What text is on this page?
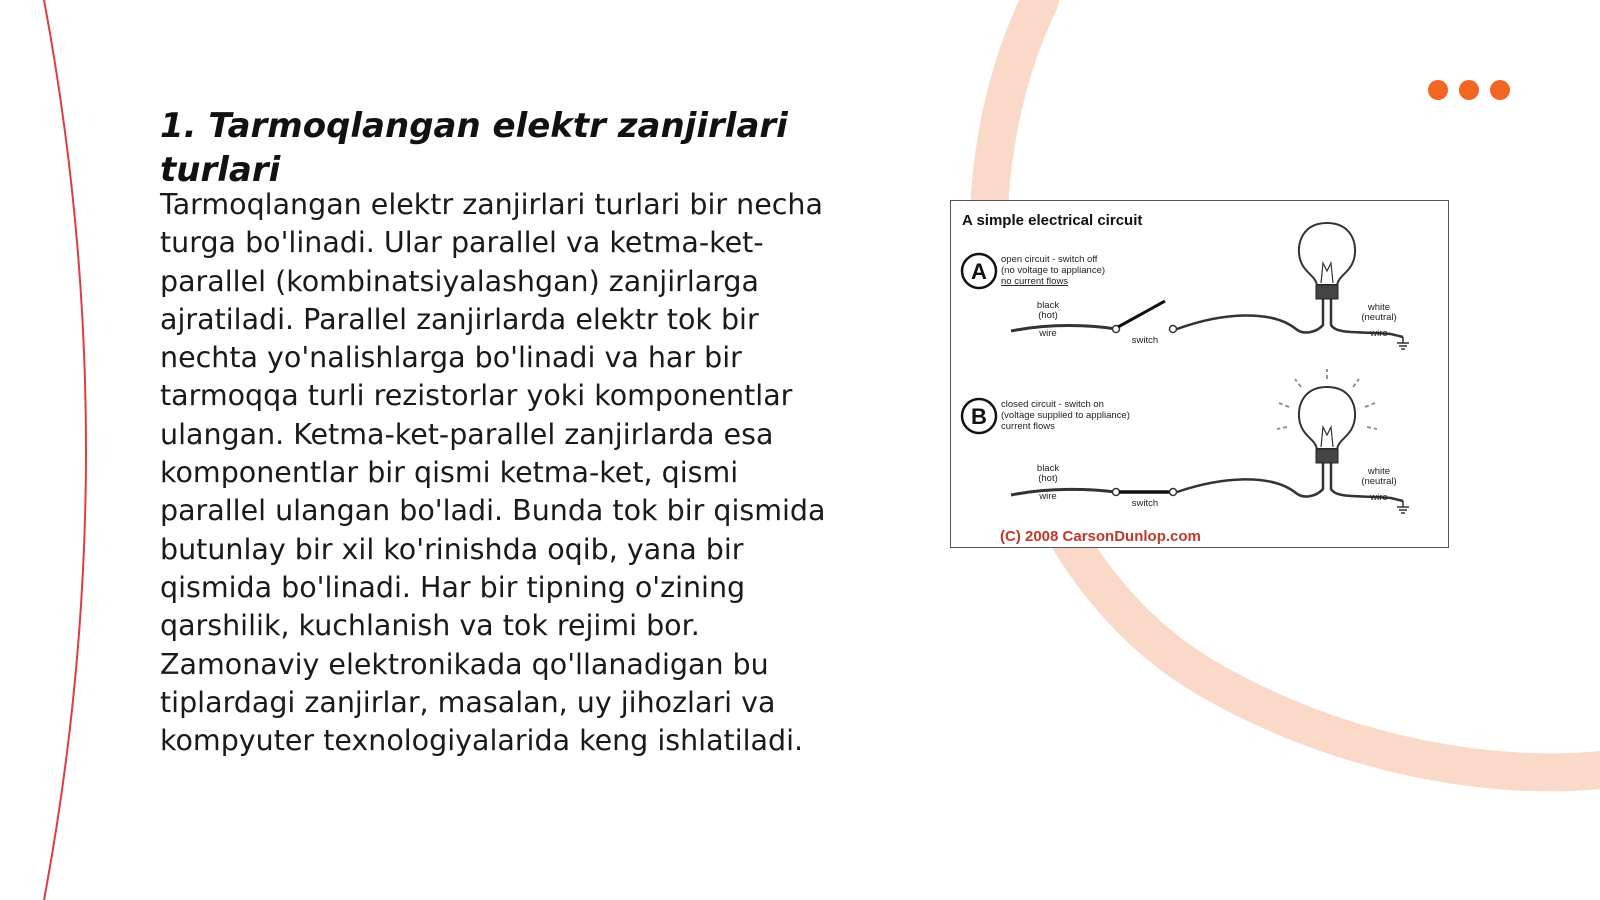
1. Tarmoqlangan elektr zanjirlari turlari

Tarmoqlangan elektr zanjirlari turlari bir necha turga bo'linadi. Ular parallel va ketma-ket-parallel (kombinatsiyalashgan) zanjirlarga ajratiladi. Parallel zanjirlarda elektr tok bir nechta yo'nalishlarga bo'linadi va har bir tarmoqqa turli rezistorlar yoki komponentlar ulangan. Ketma-ket-parallel zanjirlarda esa komponentlar bir qismi ketma-ket, qismi parallel ulangan bo'ladi. Bunda tok bir qismida butunlay bir xil ko'rinishda oqib, yana bir qismida bo'linadi. Har bir tipning o'zining qarshilik, kuchlanish va tok rejimi bor. Zamonaviy elektronikada qo'llanadigan bu tiplardagi zanjirlar, masalan, uy jihozlari va kompyuter texnologiyalarida keng ishlatiladi.

A simple electrical circuit
A open circuit - switch off
(no voltage to appliance)
no current flows
black
(hot)
wire
switch
white
(neutral)
wire
B closed circuit - switch on
(voltage supplied to appliance)
current flows
black
(hot)
wire
switch
white
(neutral)
wire
(C) 2008 CarsonDunlop.com
